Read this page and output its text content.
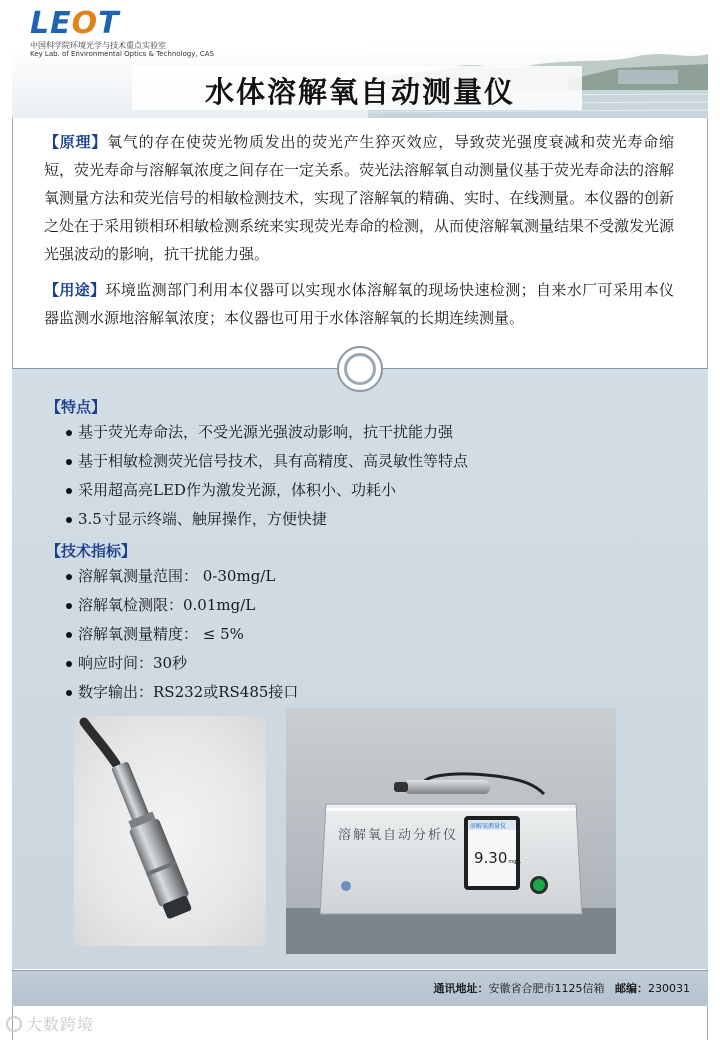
LEOT
中国科学院环境光学与技术重点实验室
Key Lab. of Environmental Optics & Technology, CAS
水体溶解氧自动测量仪

【原理】氧气的存在使荧光物质发出的荧光产生猝灭效应，导致荧光强度衰减和荧光寿命缩短，荧光寿命与溶解氧浓度之间存在一定关系。荧光法溶解氧自动测量仪基于荧光寿命法的溶解氧测量方法和荧光信号的相敏检测技术，实现了溶解氧的精确、实时、在线测量。本仪器的创新之处在于采用锁相环相敏检测系统来实现荧光寿命的检测，从而使溶解氧测量结果不受激发光源光强波动的影响，抗干扰能力强。

【用途】环境监测部门利用本仪器可以实现水体溶解氧的现场快速检测；自来水厂可采用本仪器监测水源地溶解氧浓度；本仪器也可用于水体溶解氧的长期连续测量。

【特点】
基于荧光寿命法，不受光源光强波动影响，抗干扰能力强
基于相敏检测荧光信号技术，具有高精度、高灵敏性等特点
采用超高亮LED作为激发光源，体积小、功耗小
3.5寸显示终端、触屏操作，方便快捷
【技术指标】
溶解氧测量范围： 0-30mg/L
溶解氧检测限：0.01mg/L
溶解氧测量精度： ≤ 5%
响应时间：30秒
数字输出：RS232或RS485接口
溶解氧自动分析仪
溶解氧测量仪
9.30mg/L
通讯地址：安徽省合肥市1125信箱 邮编：230031
大数跨境
